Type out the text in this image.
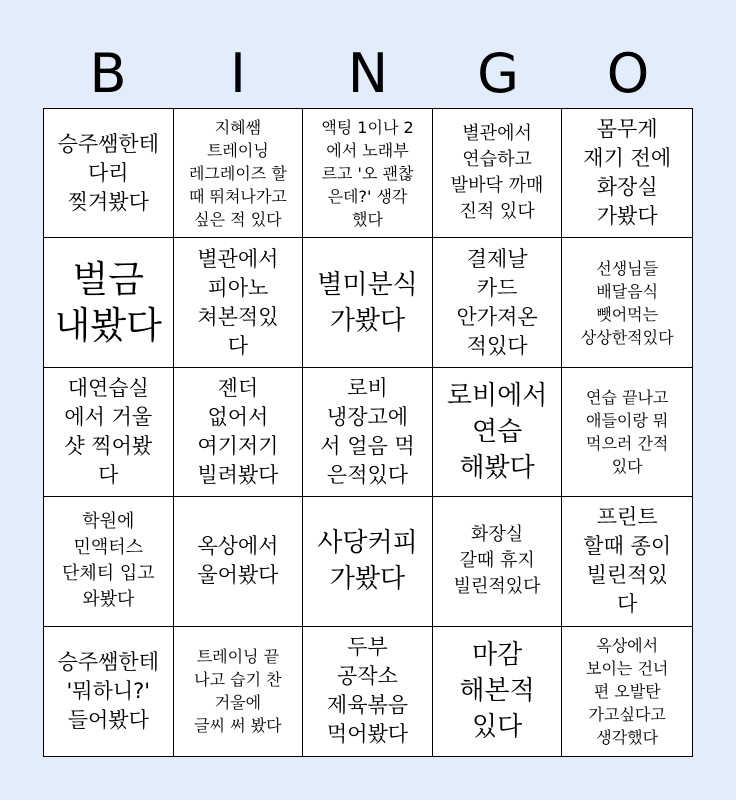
B	I	N	G	O
승주쌤한테
다리
찢겨봤다
지혜쌤
트레이닝
레그레이즈 할
때 뛰쳐나가고
싶은 적 있다
액팅 1이나 2
에서 노래부
르고 '오 괜찮
은데?' 생각
했다
별관에서
연습하고
발바닥 까매
진적 있다
몸무게
재기 전에
화장실
가봤다
벌금
내봤다
별관에서
피아노
쳐본적있
다
별미분식
가봤다
결제날
카드
안가져온
적있다
선생님들
배달음식
뺏어먹는
상상한적있다
대연습실
에서 거울
샷 찍어봤
다
젠더
없어서
여기저기
빌려봤다
로비
냉장고에
서 얼음 먹
은적있다
로비에서
연습
해봤다
연습 끝나고
애들이랑 뭐
먹으러 간적
있다
학원에
민액터스
단체티 입고
와봤다
옥상에서
울어봤다
사당커피
가봤다
화장실
갈때 휴지
빌린적있다
프린트
할때 종이
빌린적있
다
승주쌤한테
'뭐하니?'
들어봤다
트레이닝 끝
나고 습기 찬
거울에
글씨 써 봤다
두부
공작소
제육볶음
먹어봤다
마감
해본적
있다
옥상에서
보이는 건너
편 오발탄
가고싶다고
생각했다
